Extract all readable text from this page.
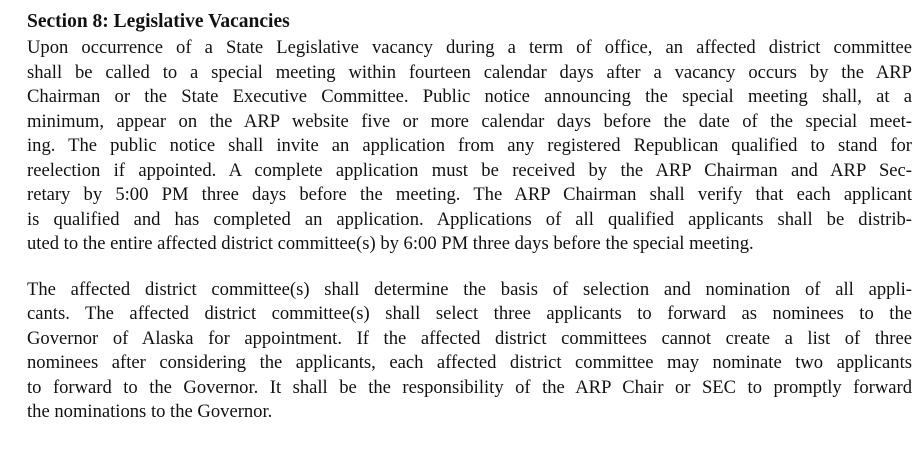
Section 8: Legislative Vacancies
Upon occurrence of a State Legislative vacancy during a term of office, an affected district committee
shall be called to a special meeting within fourteen calendar days after a vacancy occurs by the ARP
Chairman or the State Executive Committee. Public notice announcing the special meeting shall, at a
minimum, appear on the ARP website five or more calendar days before the date of the special meet-
ing. The public notice shall invite an application from any registered Republican qualified to stand for
reelection if appointed. A complete application must be received by the ARP Chairman and ARP Sec-
retary by 5:00 PM three days before the meeting. The ARP Chairman shall verify that each applicant
is qualified and has completed an application. Applications of all qualified applicants shall be distrib-
uted to the entire affected district committee(s) by 6:00 PM three days before the special meeting.
The affected district committee(s) shall determine the basis of selection and nomination of all appli-
cants. The affected district committee(s) shall select three applicants to forward as nominees to the
Governor of Alaska for appointment. If the affected district committees cannot create a list of three
nominees after considering the applicants, each affected district committee may nominate two applicants
to forward to the Governor. It shall be the responsibility of the ARP Chair or SEC to promptly forward
the nominations to the Governor.
